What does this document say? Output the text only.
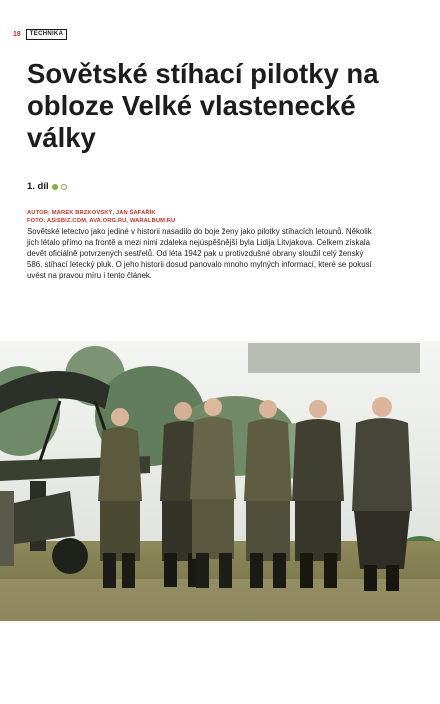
18	TECHNIKA
Sovětské stíhací pilotky na obloze Velké vlastenecké války
1. díl
AUTOR: MAREK BRZKOVSKÝ, JAN ŠAFAŘÍK
FOTO: ASISBIZ.COM, AVA.ORG.RU, WARALBUM.RU

Sovětské letectvo jako jediné v historii nasadilo do boje ženy jako pilotky stíhacích letounů. Několik jich létalo přímo na frontě a mezi nimi zdaleka nejúspěšnější byla Lidija Litvjakova. Celkem získala devět oficiálně potvrzených sestřelů. Od léta 1942 pak u protivzdušné obrany sloužil celý ženský 586. stíhací letecký pluk. O jeho historii dosud panovalo mnoho mylných informací, které se pokusí uvést na pravou míru i tento článek.

Na začátku války se k sovětskému letectvu přihlásilo 450 dobrovolnic, ze kterých začaly vznikat tři ženské pluky.
